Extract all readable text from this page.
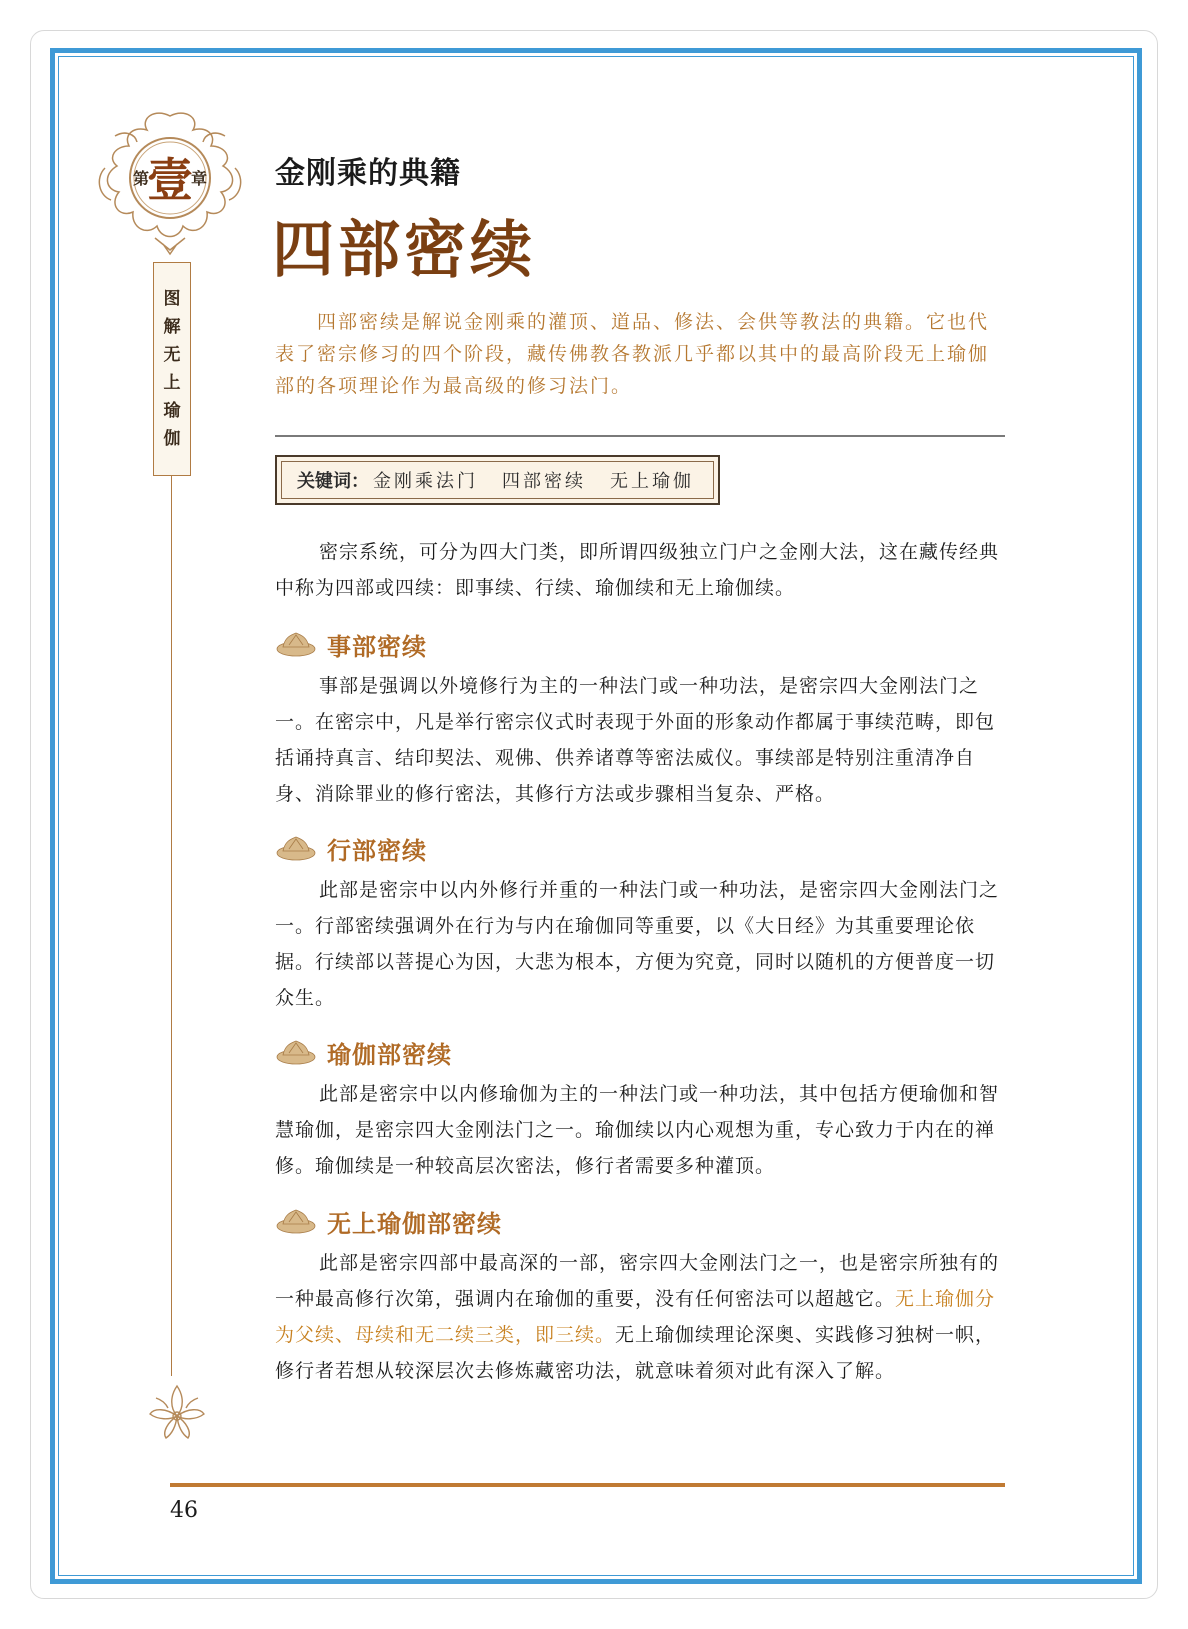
壹
第	章
图
解
无
上
瑜
伽
金刚乘的典籍
四部密续

四部密续是解说金刚乘的灌顶、道品、修法、会供等教法的典籍。它也代表了密宗修习的四个阶段，藏传佛教各教派几乎都以其中的最高阶段无上瑜伽部的各项理论作为最高级的修习法门。

关键词： 金刚乘法门 四部密续 无上瑜伽

密宗系统，可分为四大门类，即所谓四级独立门户之金刚大法，这在藏传经典中称为四部或四续：即事续、行续、瑜伽续和无上瑜伽续。

事部密续

事部是强调以外境修行为主的一种法门或一种功法，是密宗四大金刚法门之一。在密宗中，凡是举行密宗仪式时表现于外面的形象动作都属于事续范畴，即包括诵持真言、结印契法、观佛、供养诸尊等密法威仪。事续部是特别注重清净自身、消除罪业的修行密法，其修行方法或步骤相当复杂、严格。

行部密续

此部是密宗中以内外修行并重的一种法门或一种功法，是密宗四大金刚法门之一。行部密续强调外在行为与内在瑜伽同等重要，以《大日经》为其重要理论依据。行续部以菩提心为因，大悲为根本，方便为究竟，同时以随机的方便普度一切众生。

瑜伽部密续

此部是密宗中以内修瑜伽为主的一种法门或一种功法，其中包括方便瑜伽和智慧瑜伽，是密宗四大金刚法门之一。瑜伽续以内心观想为重，专心致力于内在的禅修。瑜伽续是一种较高层次密法，修行者需要多种灌顶。

无上瑜伽部密续

此部是密宗四部中最高深的一部，密宗四大金刚法门之一，也是密宗所独有的一种最高修行次第，强调内在瑜伽的重要，没有任何密法可以超越它。无上瑜伽分为父续、母续和无二续三类，即三续。无上瑜伽续理论深奥、实践修习独树一帜，修行者若想从较深层次去修炼藏密功法，就意味着须对此有深入了解。

46
